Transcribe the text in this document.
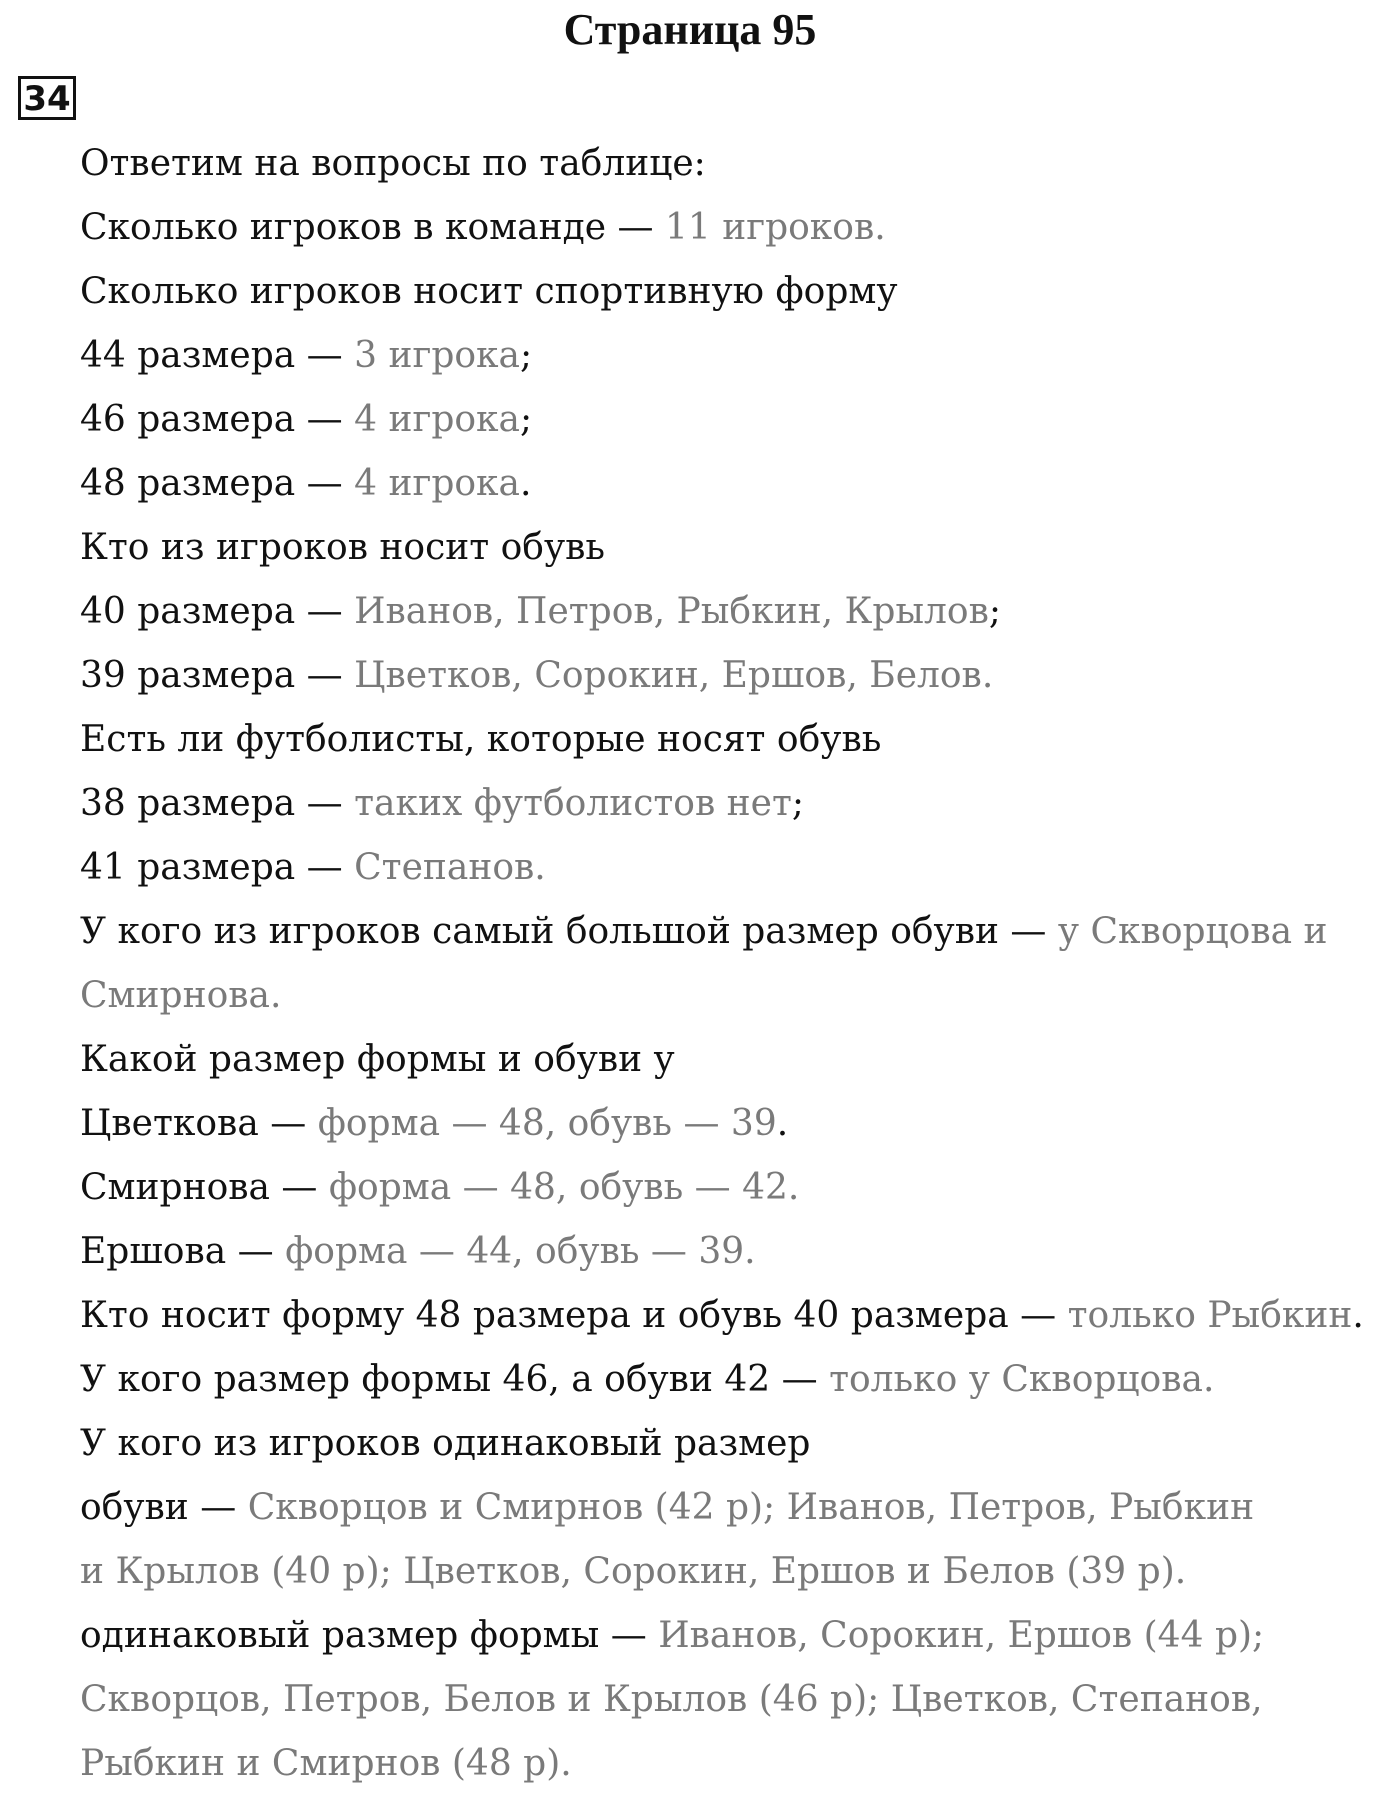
Страница 95
34
Ответим на вопросы по таблице:
Сколько игроков в команде — 11 игроков.
Сколько игроков носит спортивную форму
44 размера — 3 игрока;
46 размера — 4 игрока;
48 размера — 4 игрока.
Кто из игроков носит обувь
40 размера — Иванов, Петров, Рыбкин, Крылов;
39 размера — Цветков, Сорокин, Ершов, Белов.
Есть ли футболисты, которые носят обувь
38 размера — таких футболистов нет;
41 размера — Степанов.
У кого из игроков самый большой размер обуви — у Скворцова и
Смирнова.
Какой размер формы и обуви у
Цветкова — форма — 48, обувь — 39.
Смирнова — форма — 48, обувь — 42.
Ершова — форма — 44, обувь — 39.
Кто носит форму 48 размера и обувь 40 размера — только Рыбкин.
У кого размер формы 46, а обуви 42 — только у Скворцова.
У кого из игроков одинаковый размер
обуви — Скворцов и Смирнов (42 р); Иванов, Петров, Рыбкин
и Крылов (40 р); Цветков, Сорокин, Ершов и Белов (39 р).
одинаковый размер формы — Иванов, Сорокин, Ершов (44 р);
Скворцов, Петров, Белов и Крылов (46 р); Цветков, Степанов,
Рыбкин и Смирнов (48 р).
